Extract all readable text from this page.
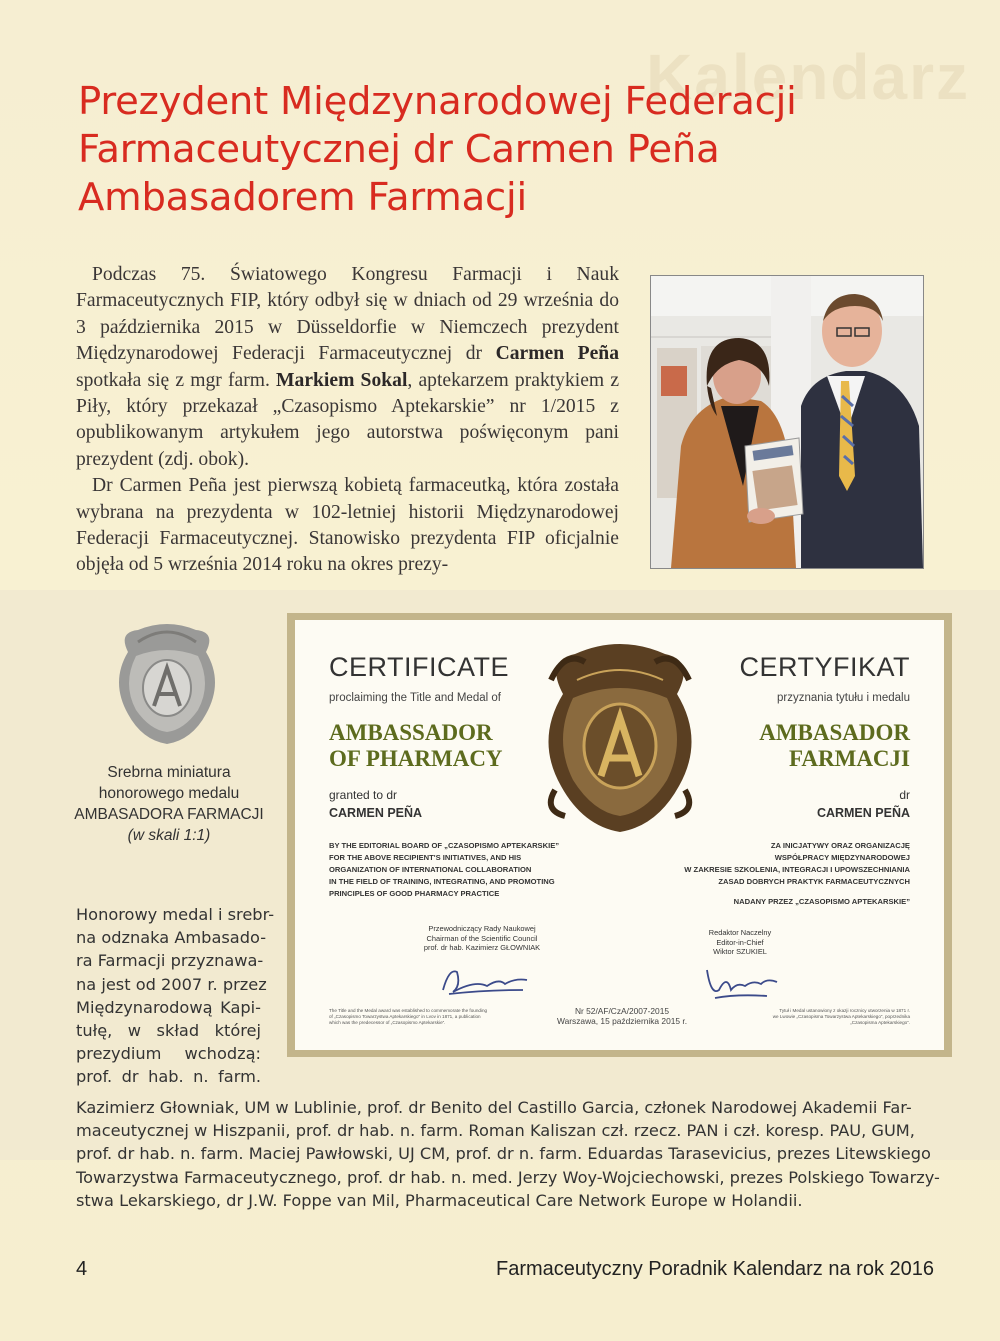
Kalendarz
Prezydent Międzynarodowej Federacji
Farmaceutycznej dr Carmen Peña
Ambasadorem Farmacji

Podczas 75. Światowego Kongresu Farmacji i Nauk Farmaceutycznych FIP, który odbył się w dniach od 29 września do 3 października 2015 w Düsseldorfie w Niemczech prezydent Międzynarodowej Federacji Farmaceutycznej dr Carmen Peña spotkała się z mgr farm. Markiem Sokal, aptekarzem praktykiem z Piły, który przekazał „Czasopismo Aptekarskie” nr 1/2015 z opublikowanym artykułem jego autorstwa poświęconym pani prezydent (zdj. obok).

Dr Carmen Peña jest pierwszą kobietą farmaceutką, która została wybrana na prezydenta w 102-letniej historii Międzynarodowej Federacji Farmaceutycznej. Stanowisko prezydenta FIP oficjalnie objęła od 5 września 2014 roku na okres prezy-

Srebrna miniatura
honorowego medalu
AMBASADORA FARMACJI
(w skali 1:1)
CERTIFICATE
proclaiming the Title and Medal of
AMBASSADOR
OF PHARMACY
granted to dr
CARMEN PEÑA
BY THE EDITORIAL BOARD OF „CZASOPISMO APTEKARSKIE”
FOR THE ABOVE RECIPIENT'S INITIATIVES, AND HIS
ORGANIZATION OF INTERNATIONAL COLLABORATION
IN THE FIELD OF TRAINING, INTEGRATING, AND PROMOTING
PRINCIPLES OF GOOD PHARMACY PRACTICE
Przewodniczący Rady Naukowej
Chairman of the Scientific Council
prof. dr hab. Kazimierz GŁOWNIAK
The Title and the Medal award was established to commemorate the founding
of „Czasopismo Towarzystwa Aptekarskiego” in Lvov in 1871, a publication
which was the predecessor of „Czasopismo Aptekarskie”.
CERTYFIKAT
przyznania tytułu i medalu
AMBASADOR
FARMACJI
dr
CARMEN PEÑA
ZA INICJATYWY ORAZ ORGANIZACJĘ
WSPÓŁPRACY MIĘDZYNARODOWEJ
W ZAKRESIE SZKOLENIA, INTEGRACJI I UPOWSZECHNIANIA
ZASAD DOBRYCH PRAKTYK FARMACEUTYCZNYCH
NADANY PRZEZ „CZASOPISMO APTEKARSKIE”
Redaktor Naczelny
Editor-in-Chief
Wiktor SZUKIEL
Tytuł i Medal ustanowiony z okazji rocznicy utworzenia w 1871 r.
we Lwowie „Czasopisma Towarzystwa Aptekarskiego”, poprzednika
„Czasopisma Aptekarskiego”.
Nr 52/AF/CzA/2007-2015
Warszawa, 15 października 2015 r.
Honorowy medal i srebr-
na odznaka Ambasado-
ra Farmacji przyznawa-
na jest od 2007 r. przez
Międzynarodową Kapi-
tułę, w skład której
prezydium wchodzą:
prof. dr hab. n. farm.
Kazimierz Głowniak, UM w Lublinie, prof. dr Benito del Castillo Garcia, członek Narodowej Akademii Far-
maceutycznej w Hiszpanii, prof. dr hab. n. farm. Roman Kaliszan czł. rzecz. PAN i czł. koresp. PAU, GUM,
prof. dr hab. n. farm. Maciej Pawłowski, UJ CM, prof. dr n. farm. Eduardas Tarasevicius, prezes Litewskiego
Towarzystwa Farmaceutycznego, prof. dr hab. n. med. Jerzy Woy-Wojciechowski, prezes Polskiego Towarzy-
stwa Lekarskiego, dr J.W. Foppe van Mil, Pharmaceutical Care Network Europe w Holandii.
4	Farmaceutyczny Poradnik Kalendarz na rok 2016
